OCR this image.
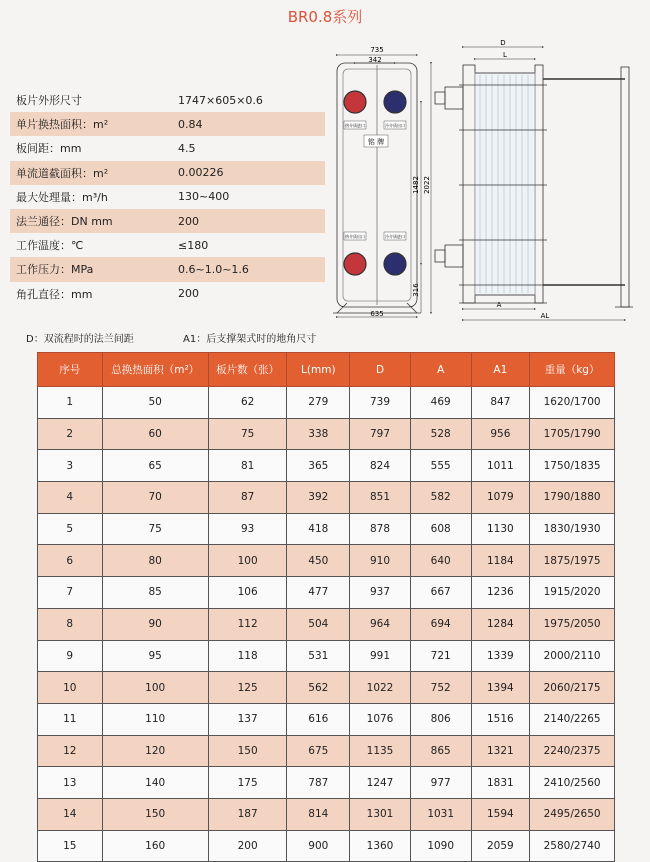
BR0.8系列
板片外形尺寸	1747×605×0.6
单片换热面积：m²	0.84
板间距：mm	4.5
单流道截面积：m²	0.00226
最大处理量：m³/h	130~400
法兰通径：DN mm	200
工作温度：℃	≤180
工作压力：MPa	0.6~1.0~1.6
角孔直径：mm	200
热介质进口	冷介质出口
热介质出口	冷介质进口
铭 牌
735
342
1482 2022
316
635
D
L
A
AL
D：双流程时的法兰间距	A1：后支撑架式时的地角尺寸
序号	总换热面积（m²）	板片数（张）	L(mm)	D	A	A1	重量（kg）
1	50	62	279	739	469	847	1620/1700
2	60	75	338	797	528	956	1705/1790
3	65	81	365	824	555	1011	1750/1835
4	70	87	392	851	582	1079	1790/1880
5	75	93	418	878	608	1130	1830/1930
6	80	100	450	910	640	1184	1875/1975
7	85	106	477	937	667	1236	1915/2020
8	90	112	504	964	694	1284	1975/2050
9	95	118	531	991	721	1339	2000/2110
10	100	125	562	1022	752	1394	2060/2175
11	110	137	616	1076	806	1516	2140/2265
12	120	150	675	1135	865	1321	2240/2375
13	140	175	787	1247	977	1831	2410/2560
14	150	187	814	1301	1031	1594	2495/2650
15	160	200	900	1360	1090	2059	2580/2740
